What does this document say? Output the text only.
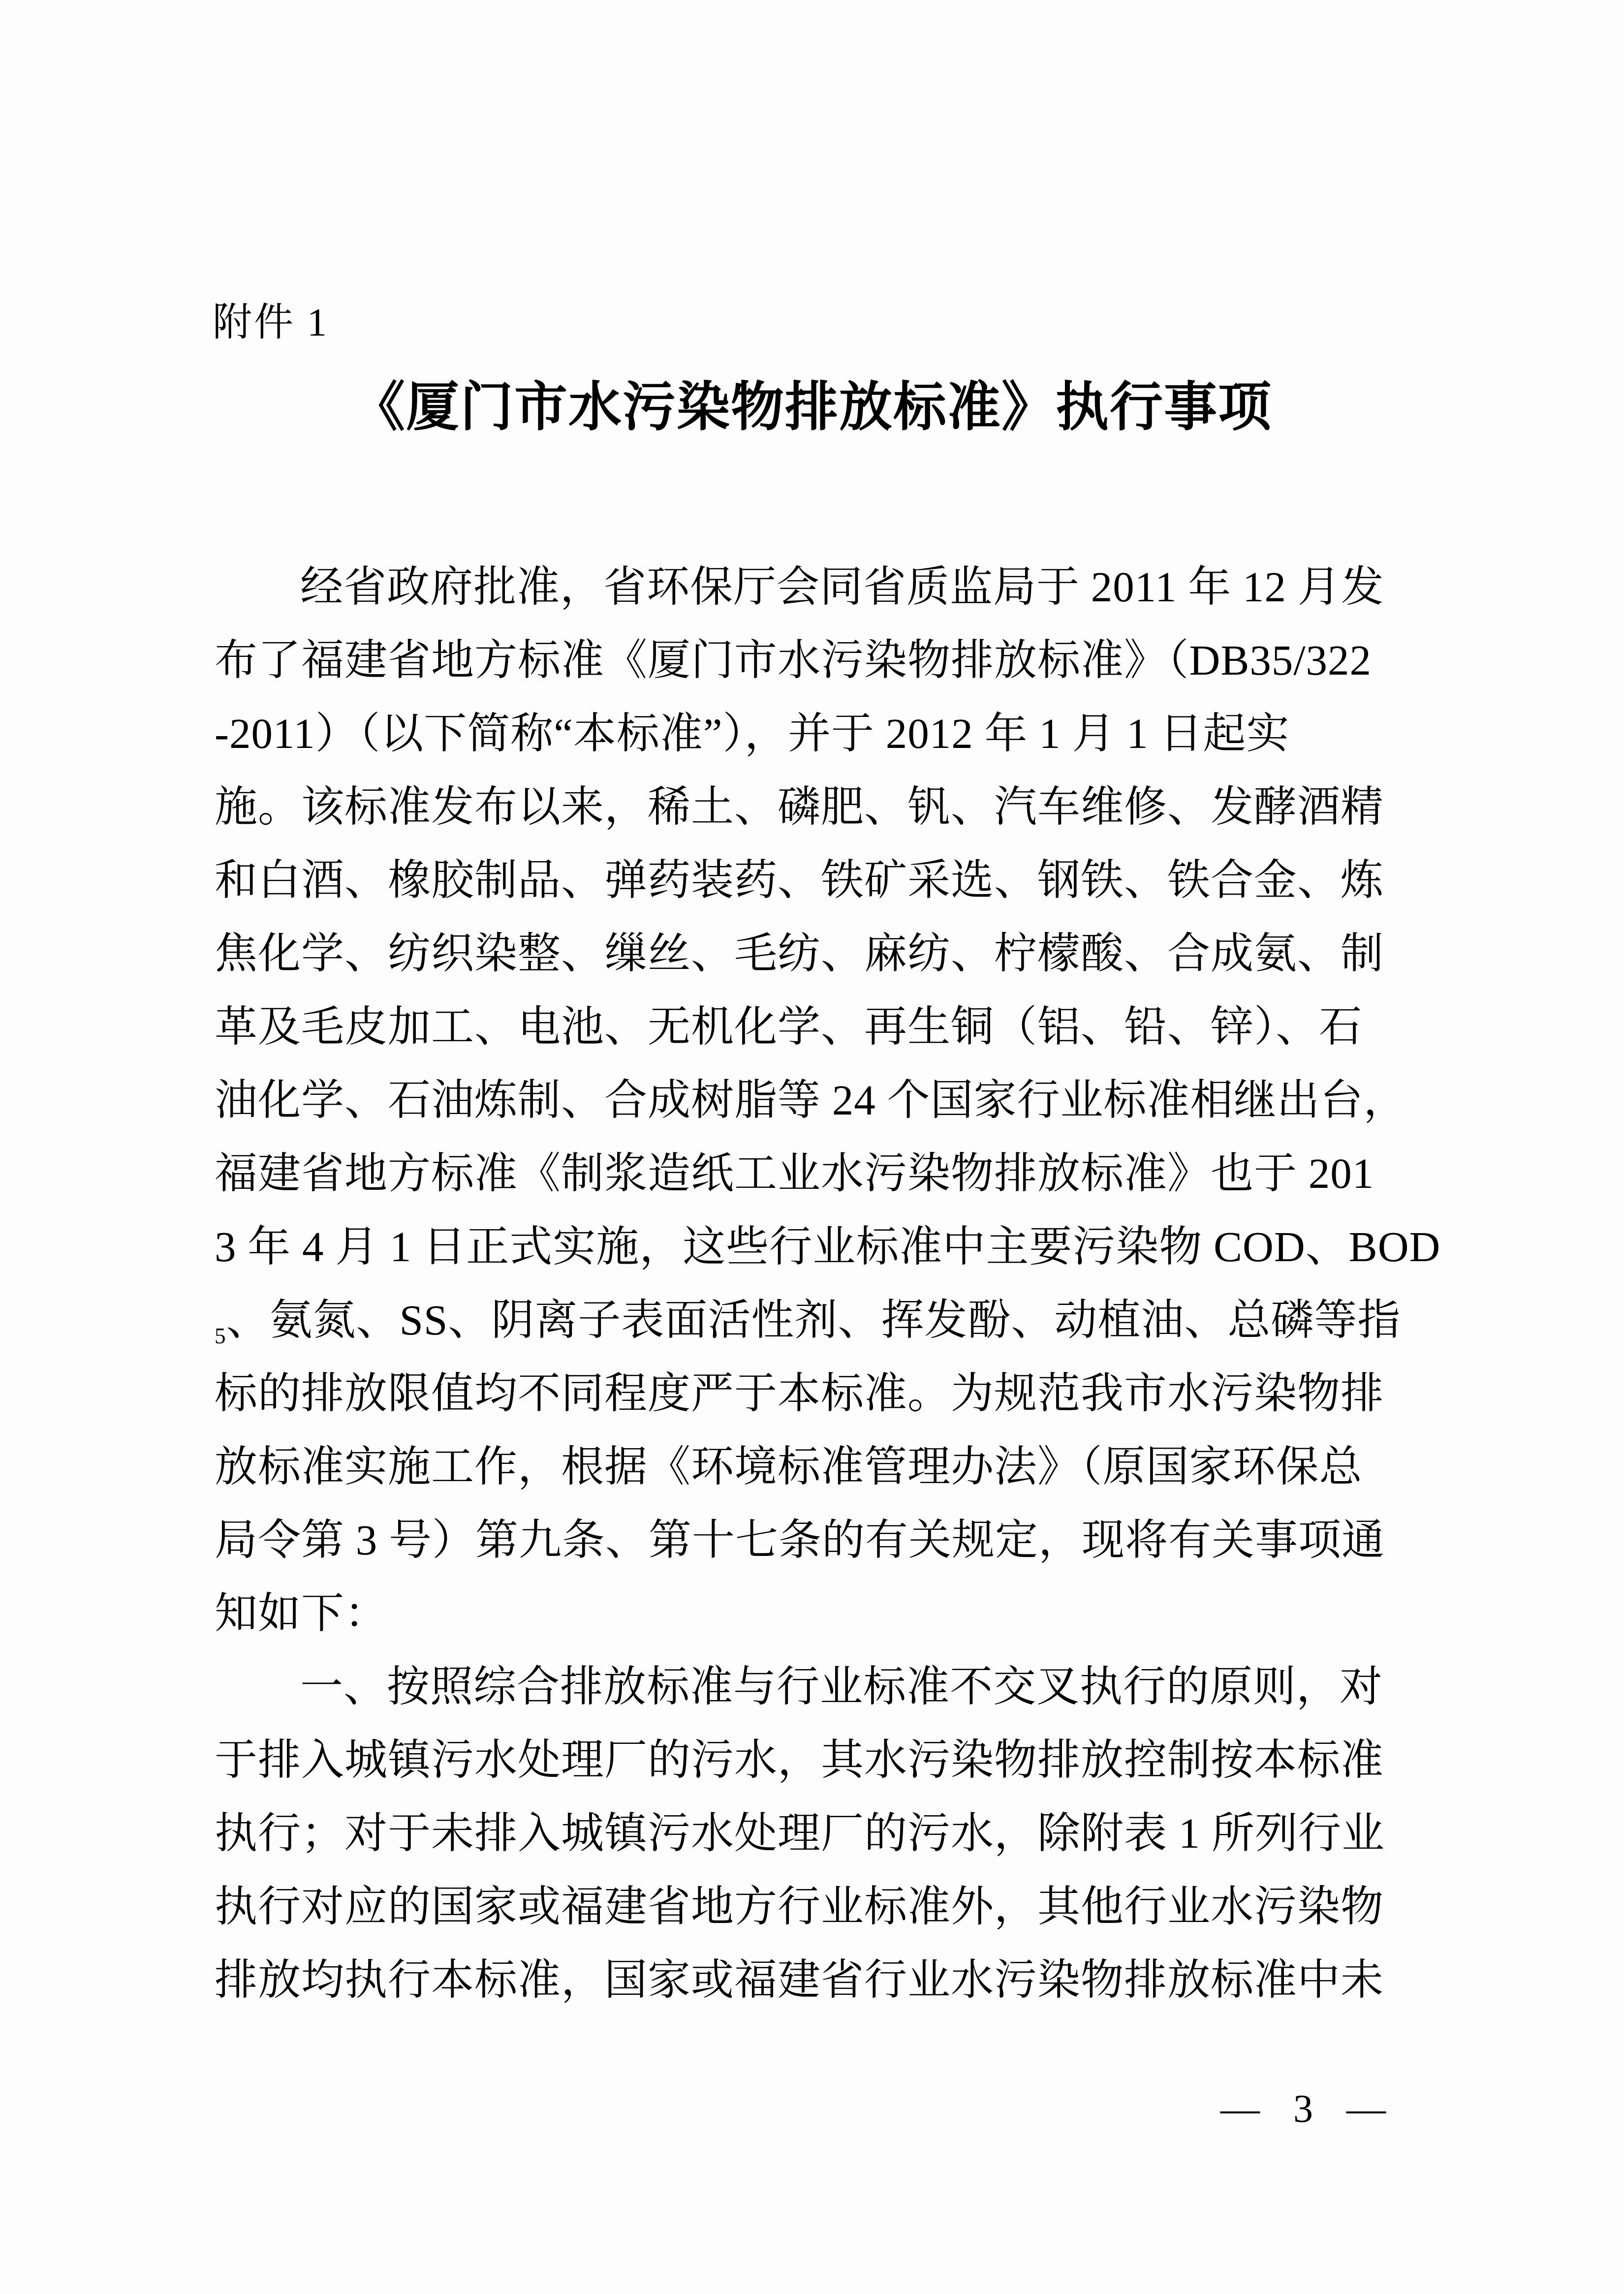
附件 1
《厦门市水污染物排放标准》执行事项
经省政府批准，省环保厅会同省质监局于 2011 年 12 月发
布了福建省地方标准《厦门市水污染物排放标准》（DB35/322
-2011）（以下简称“本标准”），并于 2012 年 1 月 1 日起实
施。该标准发布以来，稀土、磷肥、钒、汽车维修、发酵酒精
和白酒、橡胶制品、弹药装药、铁矿采选、钢铁、铁合金、炼
焦化学、纺织染整、缫丝、毛纺、麻纺、柠檬酸、合成氨、制
革及毛皮加工、电池、无机化学、再生铜（铝、铅、锌）、石
油化学、石油炼制、合成树脂等 24 个国家行业标准相继出台，
福建省地方标准《制浆造纸工业水污染物排放标准》也于 201
3 年 4 月 1 日正式实施，这些行业标准中主要污染物 COD、BOD
$_5$、氨氮、SS、阴离子表面活性剂、挥发酚、动植油、总磷等指
标的排放限值均不同程度严于本标准。为规范我市水污染物排
放标准实施工作，根据《环境标准管理办法》（原国家环保总
局令第 3 号）第九条、第十七条的有关规定，现将有关事项通
知如下：
一、按照综合排放标准与行业标准不交叉执行的原则，对
于排入城镇污水处理厂的污水，其水污染物排放控制按本标准
执行；对于未排入城镇污水处理厂的污水，除附表 1 所列行业
执行对应的国家或福建省地方行业标准外，其他行业水污染物
排放均执行本标准，国家或福建省行业水污染物排放标准中未
— 3 —
